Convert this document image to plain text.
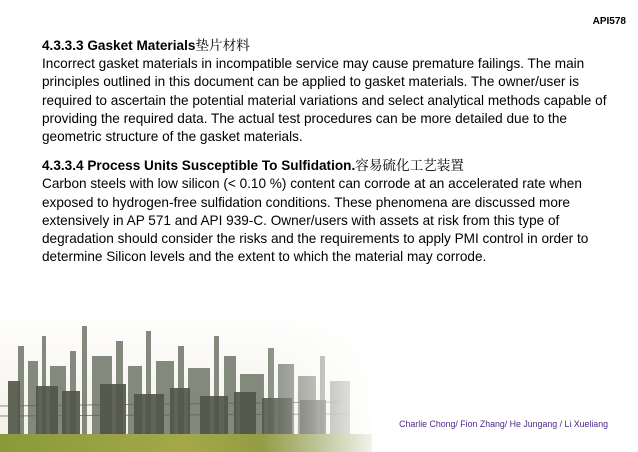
API578

4.3.3.3 Gasket Materials垫片材料

Incorrect gasket materials in incompatible service may cause premature failings. The main principles outlined in this document can be applied to gasket materials. The owner/user is required to ascertain the potential material variations and select analytical methods capable of providing the required data. The actual test procedures can be more detailed due to the geometric structure of the gasket materials.

4.3.3.4 Process Units Susceptible To Sulfidation.容易硫化工艺装置

Carbon steels with low silicon (< 0.10 %) content can corrode at an accelerated rate when exposed to hydrogen-free sulfidation conditions. These phenomena are discussed more extensively in AP 571 and API 939-C. Owner/users with assets at risk from this type of degradation should consider the risks and the requirements to apply PMI control in order to determine Silicon levels and the extent to which the material may corrode.

Charlie Chong/ Fion Zhang/ He Jungang / Li Xueliang
